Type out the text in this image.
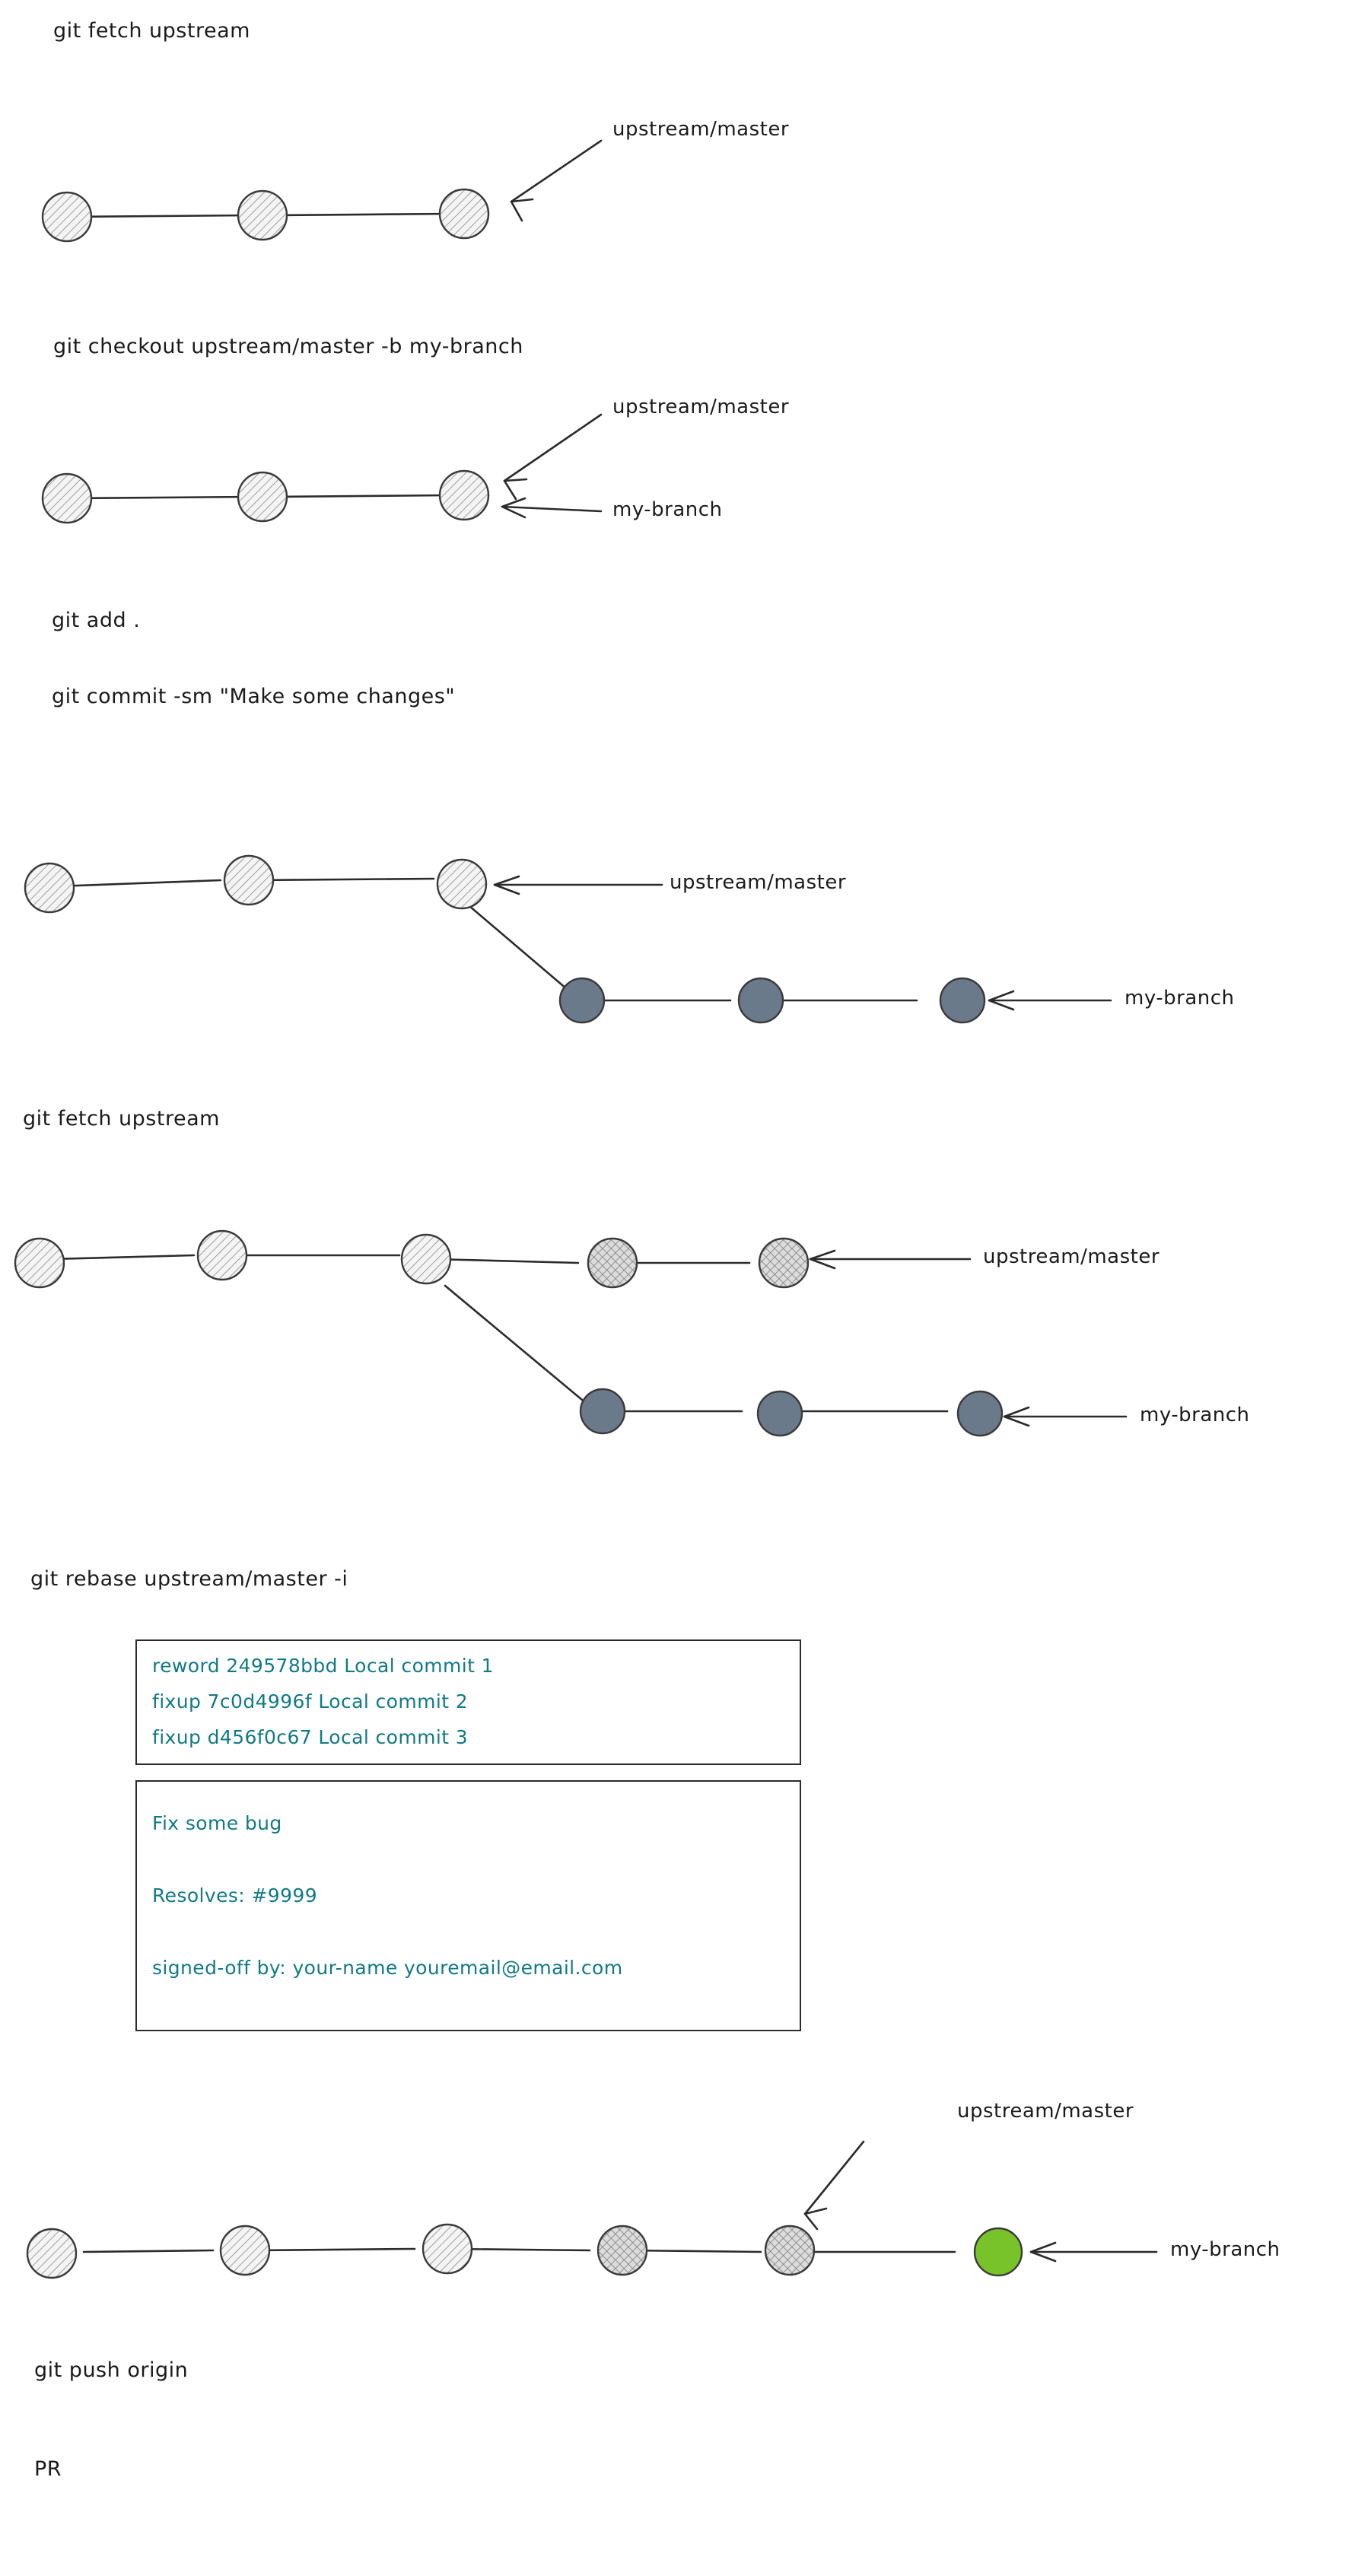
git fetch upstream
upstream/master
git checkout upstream/master -b my-branch
upstream/master
my-branch
git add .
git commit -sm "Make some changes"
upstream/master
my-branch
git fetch upstream
upstream/master
my-branch
git rebase upstream/master -i
reword 249578bbd Local commit 1
fixup 7c0d4996f Local commit 2
fixup d456f0c67 Local commit 3
Fix some bug
Resolves: #9999
signed-off by: your-name youremail@email.com
upstream/master
my-branch
git push origin
PR
